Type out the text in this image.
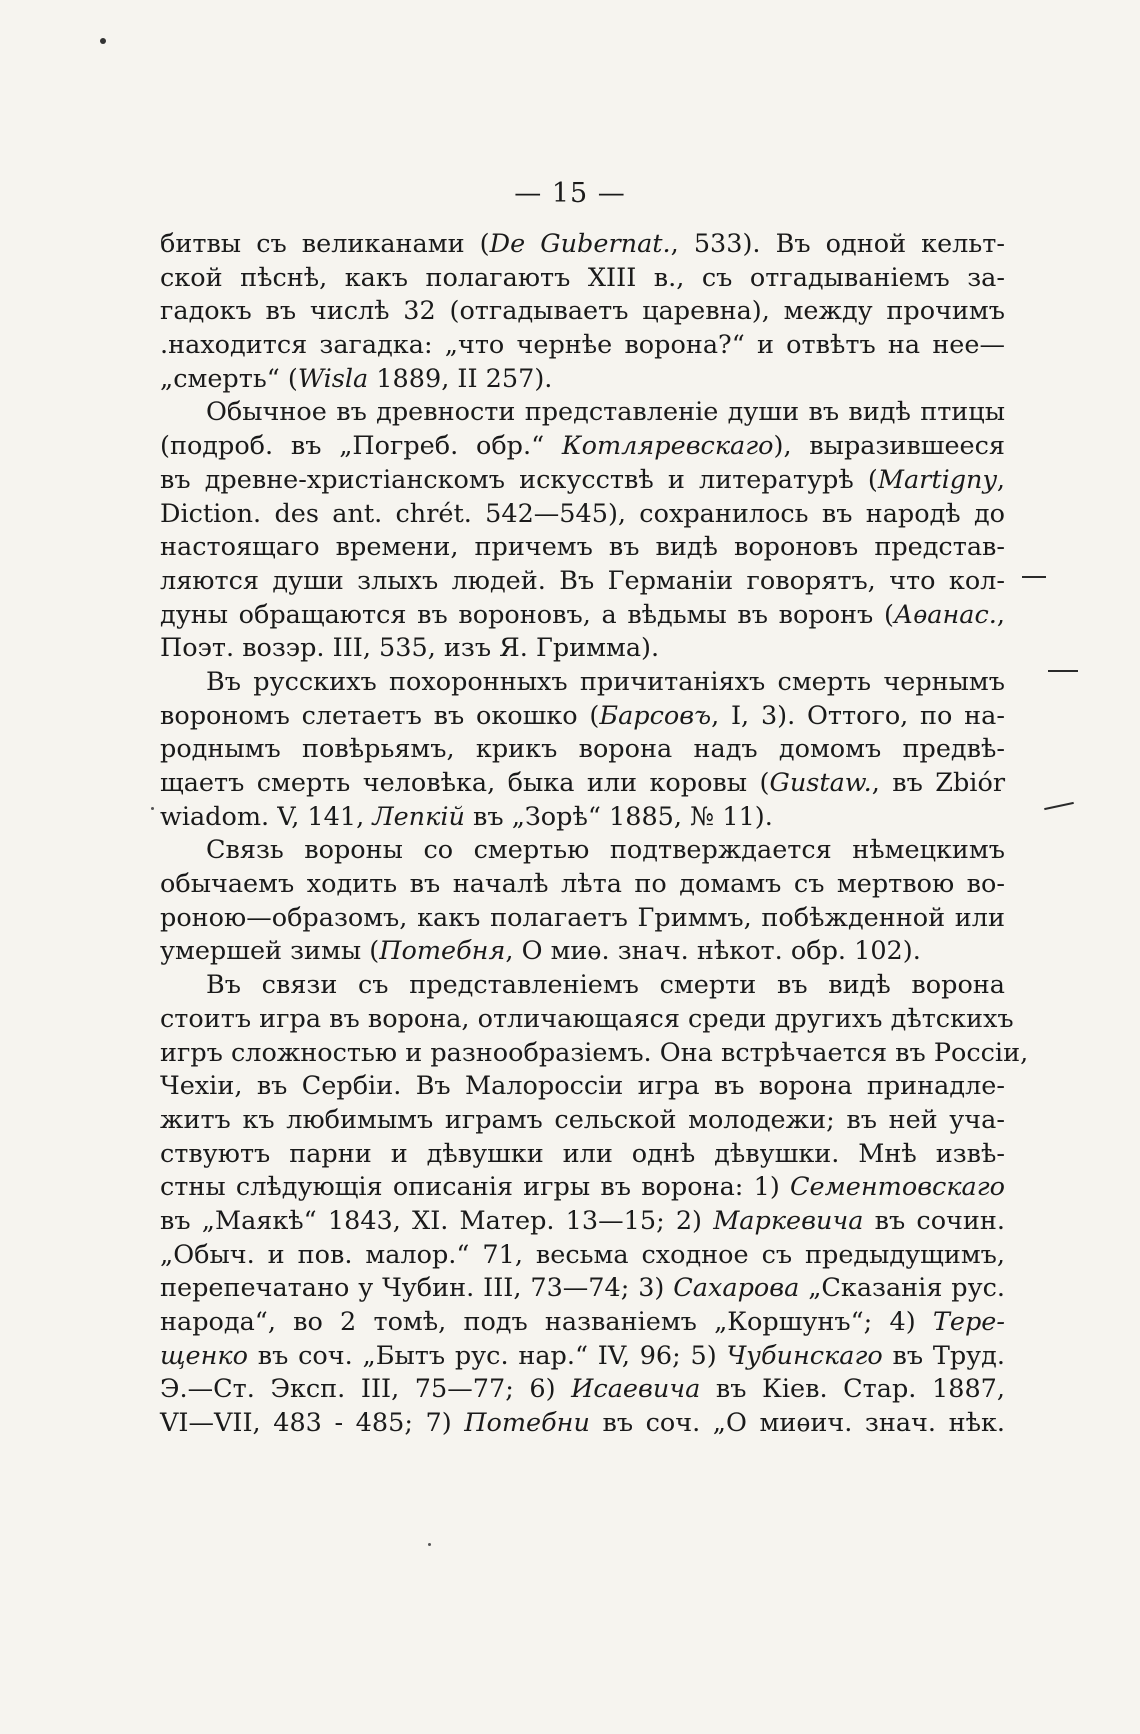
— 15 —
битвы съ великанами (De Gubernat., 533). Въ одной кельт-
ской пѣснѣ, какъ полагаютъ XIII в., съ отгадываніемъ за-
гадокъ въ числѣ 32 (отгадываетъ царевна), между прочимъ
.находится загадка: „что чернѣе ворона?“ и отвѣтъ на нее—
„смерть“ (Wisla 1889, II 257).
Обычное въ древности представленіе души въ видѣ птицы
(подроб. въ „Погреб. обр.“ Котляревскаго), выразившееся
въ древне-христіанскомъ искусствѣ и литературѣ (Martigny,
Diction. des ant. chrét. 542—545), сохранилось въ народѣ до
настоящаго времени, причемъ въ видѣ вороновъ представ-
ляются души злыхъ людей. Въ Германіи говорятъ, что кол-
дуны обращаются въ вороновъ, а вѣдьмы въ воронъ (Аѳанас.,
Поэт. возэр. III, 535, изъ Я. Гримма).
Въ русскихъ похоронныхъ причитаніяхъ смерть чернымъ
ворономъ слетаетъ въ окошко (Барсовъ, I, 3). Оттого, по на-
роднымъ повѣрьямъ, крикъ ворона надъ домомъ предвѣ-
щаетъ смерть человѣка, быка или коровы (Gustaw., въ Zbiór
wiadom. V, 141, Лепкій въ „Зорѣ“ 1885, № 11).
Связь вороны со смертью подтверждается нѣмецкимъ
обычаемъ ходить въ началѣ лѣта по домамъ съ мертвою во-
роною—образомъ, какъ полагаетъ Гриммъ, побѣжденной или
умершей зимы (Потебня, О миѳ. знач. нѣкот. обр. 102).
Въ связи съ представленіемъ смерти въ видѣ ворона
стоитъ игра въ ворона, отличающаяся среди другихъ дѣтскихъ
игръ сложностью и разнообразіемъ. Она встрѣчается въ Россіи,
Чехіи, въ Сербіи. Въ Малороссіи игра въ ворона принадле-
житъ къ любимымъ играмъ сельской молодежи; въ ней уча-
ствуютъ парни и дѣвушки или однѣ дѣвушки. Мнѣ извѣ-
стны слѣдующія описанія игры въ ворона: 1) Сементовскаго
въ „Маякѣ“ 1843, XI. Матер. 13—15; 2) Маркевича въ сочин.
„Обыч. и пов. малор.“ 71, весьма сходное съ предыдущимъ,
перепечатано у Чубин. III, 73—74; 3) Сахарова „Сказанія рус.
народа“, во 2 томѣ, подъ названіемъ „Коршунъ“; 4) Tере-
щенко въ соч. „Бытъ рус. нар.“ IV, 96; 5) Чубинскаго въ Труд.
Э.—Ст. Эксп. III, 75—77; 6) Исаевича въ Кіев. Стар. 1887,
VI—VII, 483 - 485; 7) Потебни въ соч. „О миѳич. знач. нѣк.
